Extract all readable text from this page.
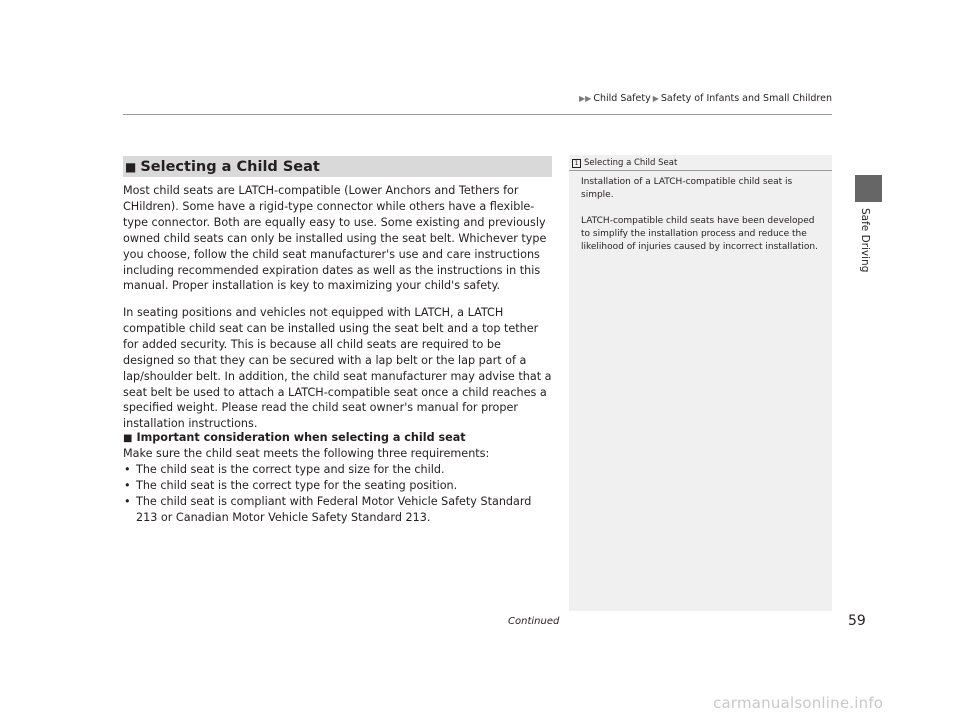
▶▶ Child Safety ▶ Safety of Infants and Small Children
Safe Driving
■ Selecting a Child Seat

Most child seats are LATCH-compatible (Lower Anchors and Tethers for CHildren). Some have a rigid-type connector while others have a flexible-type connector. Both are equally easy to use. Some existing and previously owned child seats can only be installed using the seat belt. Whichever type you choose, follow the child seat manufacturer's use and care instructions including recommended expiration dates as well as the instructions in this manual. Proper installation is key to maximizing your child's safety.

In seating positions and vehicles not equipped with LATCH, a LATCH compatible child seat can be installed using the seat belt and a top tether for added security. This is because all child seats are required to be designed so that they can be secured with a lap belt or the lap part of a lap/shoulder belt. In addition, the child seat manufacturer may advise that a seat belt be used to attach a LATCH-compatible seat once a child reaches a specified weight. Please read the child seat owner's manual for proper installation instructions.

■ Important consideration when selecting a child seat

Make sure the child seat meets the following three requirements:

• The child seat is the correct type and size for the child.
• The child seat is the correct type for the seating position.
• The child seat is compliant with Federal Motor Vehicle Safety Standard 213 or Canadian Motor Vehicle Safety Standard 213.
1 Selecting a Child Seat

Installation of a LATCH-compatible child seat is simple.

LATCH-compatible child seats have been developed to simplify the installation process and reduce the likelihood of injuries caused by incorrect installation.

Continued	59
carmanualsonline.info
